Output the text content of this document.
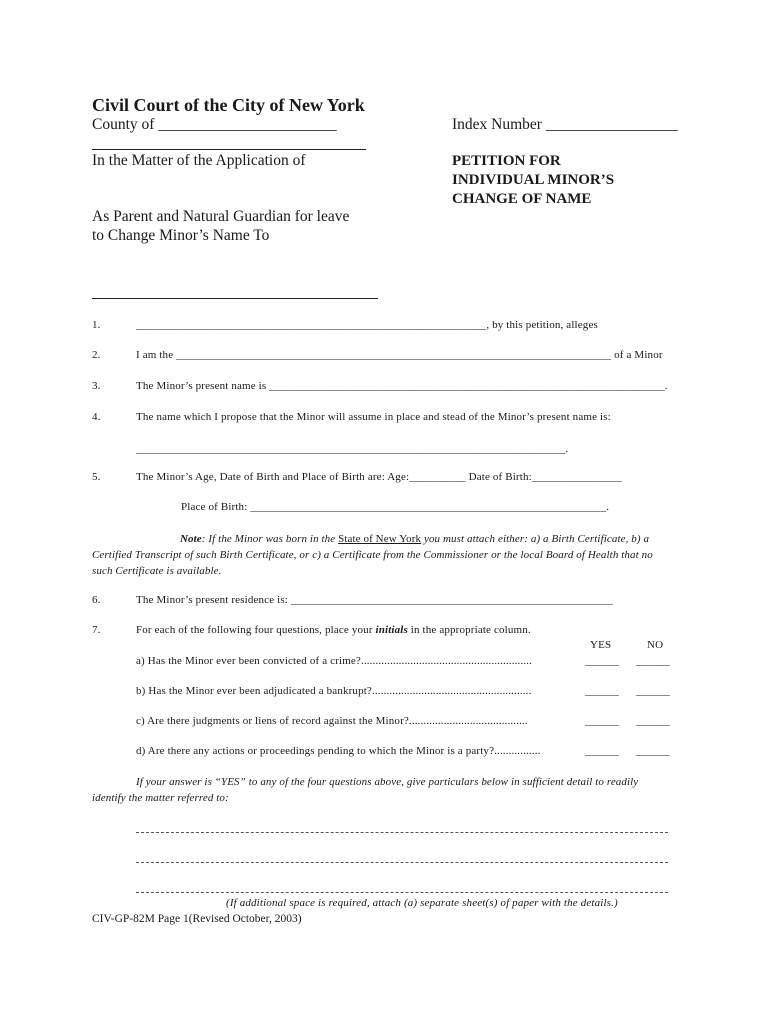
Civil Court of the City of New York
County of _______________________	Index Number _________________
In the Matter of the Application of	PETITION FOR
INDIVIDUAL MINOR’S
CHANGE OF NAME
As Parent and Natural Guardian for leave
to Change Minor’s Name To
1.	______________________________________________________________, by this petition, alleges
2.	I am the _____________________________________________________________________________ of a Minor
3.	The Minor’s present name is ______________________________________________________________________.
4.	The name which I propose that the Minor will assume in place and stead of the Minor’s present name is:
____________________________________________________________________________.
5.	The Minor’s Age, Date of Birth and Place of Birth are: Age:__________ Date of Birth:________________
Place of Birth: _______________________________________________________________.
Note: If the Minor was born in the State of New York you must attach either: a) a Birth Certificate, b) a Certified Transcript of such Birth Certificate, or c) a Certificate from the Commissioner or the local Board of Health that no such Certificate is available.
6.	The Minor’s present residence is: _________________________________________________________
7.	For each of the following four questions, place your initials in the appropriate column.
YES	NO
a) Has the Minor ever been convicted of a crime?...........................................................	______ ______
b) Has the Minor ever been adjudicated a bankrupt?.......................................................	______ ______
c) Are there judgments or liens of record against the Minor?.........................................	______ ______
d) Are there any actions or proceedings pending to which the Minor is a party?................	______ ______
If your answer is “YES” to any of the four questions above, give particulars below in sufficient detail to readily identify the matter referred to:
(If additional space is required, attach (a) separate sheet(s) of paper with the details.)
CIV-GP-82M Page 1(Revised October, 2003)
